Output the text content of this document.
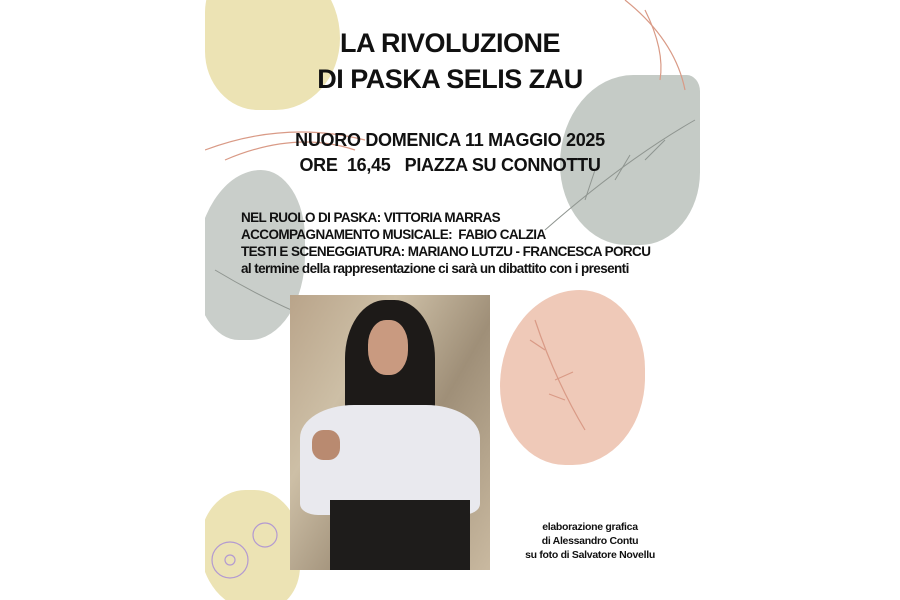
LA RIVOLUZIONE
DI PASKA SELIS ZAU
NUORO DOMENICA 11 MAGGIO 2025
ORE  16,45   PIAZZA SU CONNOTTU
NEL RUOLO DI PASKA: VITTORIA MARRAS
ACCOMPAGNAMENTO MUSICALE:  FABIO CALZIA
TESTI E SCENEGGIATURA: MARIANO LUTZU - FRANCESCA PORCU
al termine della rappresentazione ci sarà un dibattito con i presenti
elaborazione grafica
di Alessandro Contu
su foto di Salvatore Novellu
